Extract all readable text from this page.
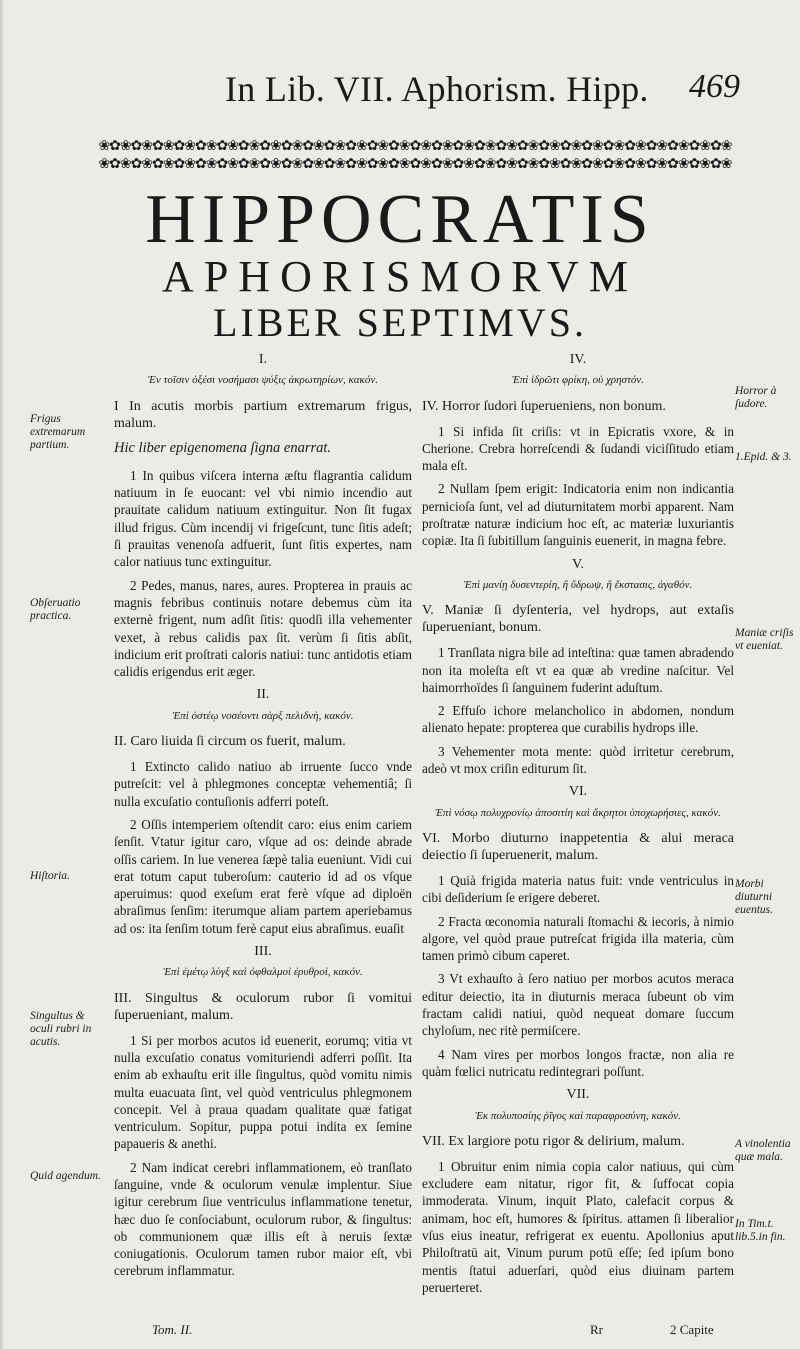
In Lib. VII. Aphorism. Hipp. 469
❀✿❀✿❀✿❀✿❀✿❀✿❀✿❀✿❀✿❀✿❀✿❀✿❀✿❀✿❀✿❀✿❀✿❀✿❀✿❀✿❀✿❀✿❀✿❀✿❀✿❀✿❀✿❀✿❀✿❀
❀✿❀✿❀✿❀✿❀✿❀✿❀✿❀✿❀✿❀✿❀✿❀✿❀✿❀✿❀✿❀✿❀✿❀✿❀✿❀✿❀✿❀✿❀✿❀✿❀✿❀✿❀✿❀✿❀✿❀
HIPPOCRATIS
APHORISMORVM
LIBER SEPTIMVS.
I.
Ἐν τοῖσιν ὀξέσι νοσήμασι ψύξις ἀκρωτηρίων, κακόν.
I In acutis morbis partium extremarum frigus, malum.
Hic liber epigenomena ſigna enarrat.
1 In quibus viſcera interna æſtu flagrantia calidum natiuum in ſe euocant: vel vbi nimio incendio aut prauitate calidum natiuum extinguitur. Non ſit fugax illud frigus. Cùm incendij vi frigeſcunt, tunc ſitis adeſt; ſi prauitas venenoſa adfuerit, ſunt ſitis expertes, nam calor natiuus tunc extinguitur.
2 Pedes, manus, nares, aures. Propterea in prauis ac magnis febribus continuis notare debemus cùm ita externè frigent, num adſit ſitis: quodſi illa vehementer vexet, à rebus calidis pax ſit. verùm ſi ſitis abſit, indicium erit proſtrati caloris natiui: tunc antidotis etiam calidis erigendus erit æger.
II.
Ἐπὶ ὀστέῳ νοσέοντι σὰρξ πελιδνὴ, κακόν.
II. Caro liuida ſi circum os fuerit, malum.
1 Extincto calido natiuo ab irruente ſucco vnde putreſcit: vel à phlegmones conceptæ vehementiâ; ſi nulla excuſatio contuſionis adferri poteſt.
2 Oſſis intemperiem oſtendit caro: eius enim cariem ſenſit. Vtatur igitur caro, vſque ad os: deinde abrade oſſis cariem. In lue venerea ſæpè talia eueniunt. Vidi cui erat totum caput tuberoſum: cauterio id ad os vſque aperuimus: quod exeſum erat ferè vſque ad diploën abraſimus ſenſim: iterumque aliam partem aperiebamus ad os: ita ſenſim totum ferè caput eius abraſimus. euaſit
III.
Ἐπὶ ἐμέτῳ λὺγξ καὶ ὀφθαλμοὶ ἐρυθροὶ, κακόν.
III. Singultus & oculorum rubor ſi vomitui ſuperueniant, malum.
1 Si per morbos acutos id euenerit, eorumq; vitia vt nulla excuſatio conatus vomituriendi adferri poſſit. Ita enim ab exhauſtu erit ille ſingultus, quòd vomitu nimis multa euacuata ſint, vel quòd ventriculus phlegmonem concepit. Vel à praua quadam qualitate quæ fatigat ventriculum. Sopitur, puppa potui indita ex ſemine papaueris & anethi.
2 Nam indicat cerebri inflammationem, eò tranſlato ſanguine, vnde & oculorum venulæ implentur. Siue igitur cerebrum ſiue ventriculus inflammatione tenetur, hæc duo ſe conſociabunt, oculorum rubor, & ſingultus: ob communionem quæ illis eſt à neruis ſextæ coniugationis. Oculorum tamen rubor maior eſt, vbi cerebrum inflammatur.
IV.
Ἐπὶ ἱδρῶτι φρίκη, οὐ χρηστόν.
IV. Horror ſudori ſuperueniens, non bonum.
1 Si infida ſit criſis: vt in Epicratis vxore, & in Cherione. Crebra horreſcendi & ſudandi viciſſitudo etiam mala eſt.
2 Nullam ſpem erigit: Indicatoria enim non indicantia pernicioſa ſunt, vel ad diuturnitatem morbi apparent. Nam proſtratæ naturæ indicium hoc eſt, ac materiæ luxuriantis copiæ. Ita ſi ſubitillum ſanguinis euenerit, in magna febre.
V.
Ἐπὶ μανίῃ δυσεντερίη, ἢ ὕδρωψ, ἢ ἔκστασις, ἀγαθόν.
V. Maniæ ſi dyſenteria, vel hydrops, aut extaſis ſuperueniant, bonum.
1 Tranſlata nigra bile ad inteſtina: quæ tamen abradendo non ita moleſta eſt vt ea quæ ab vredine naſcitur. Vel haimorrhoïdes ſi ſanguinem fuderint aduſtum.
2 Effuſo ichore melancholico in abdomen, nondum alienato hepate: propterea que curabilis hydrops ille.
3 Vehementer mota mente: quòd irritetur cerebrum, adeò vt mox criſin editurum ſit.
VI.
Ἐπὶ νόσῳ πολυχρονίῳ ἀποσιτίη καὶ ἄκρητοι ὑποχωρήσιες, κακόν.
VI. Morbo diuturno inappetentia & alui meraca deiectio ſi ſuperuenerit, malum.
1 Quià frigida materia natus fuit: vnde ventriculus in cibi deſiderium ſe erigere deberet.
2 Fracta œconomia naturali ſtomachi & iecoris, à nimio algore, vel quòd praue putreſcat frigida illa materia, cùm tamen primò cibum caperet.
3 Vt exhauſto à ſero natiuo per morbos acutos meraca editur deiectio, ita in diuturnis meraca ſubeunt ob vim fractam calidi natiui, quòd nequeat domare ſuccum chyloſum, nec ritè permiſcere.
4 Nam vires per morbos longos fractæ, non alia re quàm fœlici nutricatu redintegrari poſſunt.
VII.
Ἐκ πολυποσίης ῥῖγος καὶ παραφροσύνη, κακόν.
VII. Ex largiore potu rigor & delirium, malum.
1 Obruitur enim nimia copia calor natiuus, qui cùm excludere eam nitatur, rigor fit, & ſuffocat copia immoderata. Vinum, inquit Plato, calefacit corpus & animam, hoc eſt, humores & ſpiritus. attamen ſi liberalior vſus eius ineatur, refrigerat ex euentu. Apollonius aput Philoſtratū ait, Vinum purum potū eſſe; ſed ipſum bono mentis ſtatui aduerſari, quòd eius diuinam partem peruerteret.
Frigus extremarum partium.
Obſeruatio practica.
Hiſtoria.
Singultus & oculi rubri in acutis.
Quid agendum.
Horror à ſudore.
1.Epid. & 3.
Maniæ criſis vt eueniat.
Morbi diuturni euentus.
A vinolentia quæ mala.
In Tim.t. lib.5.in fin.
Tom. II.	Rr	2 Capite
